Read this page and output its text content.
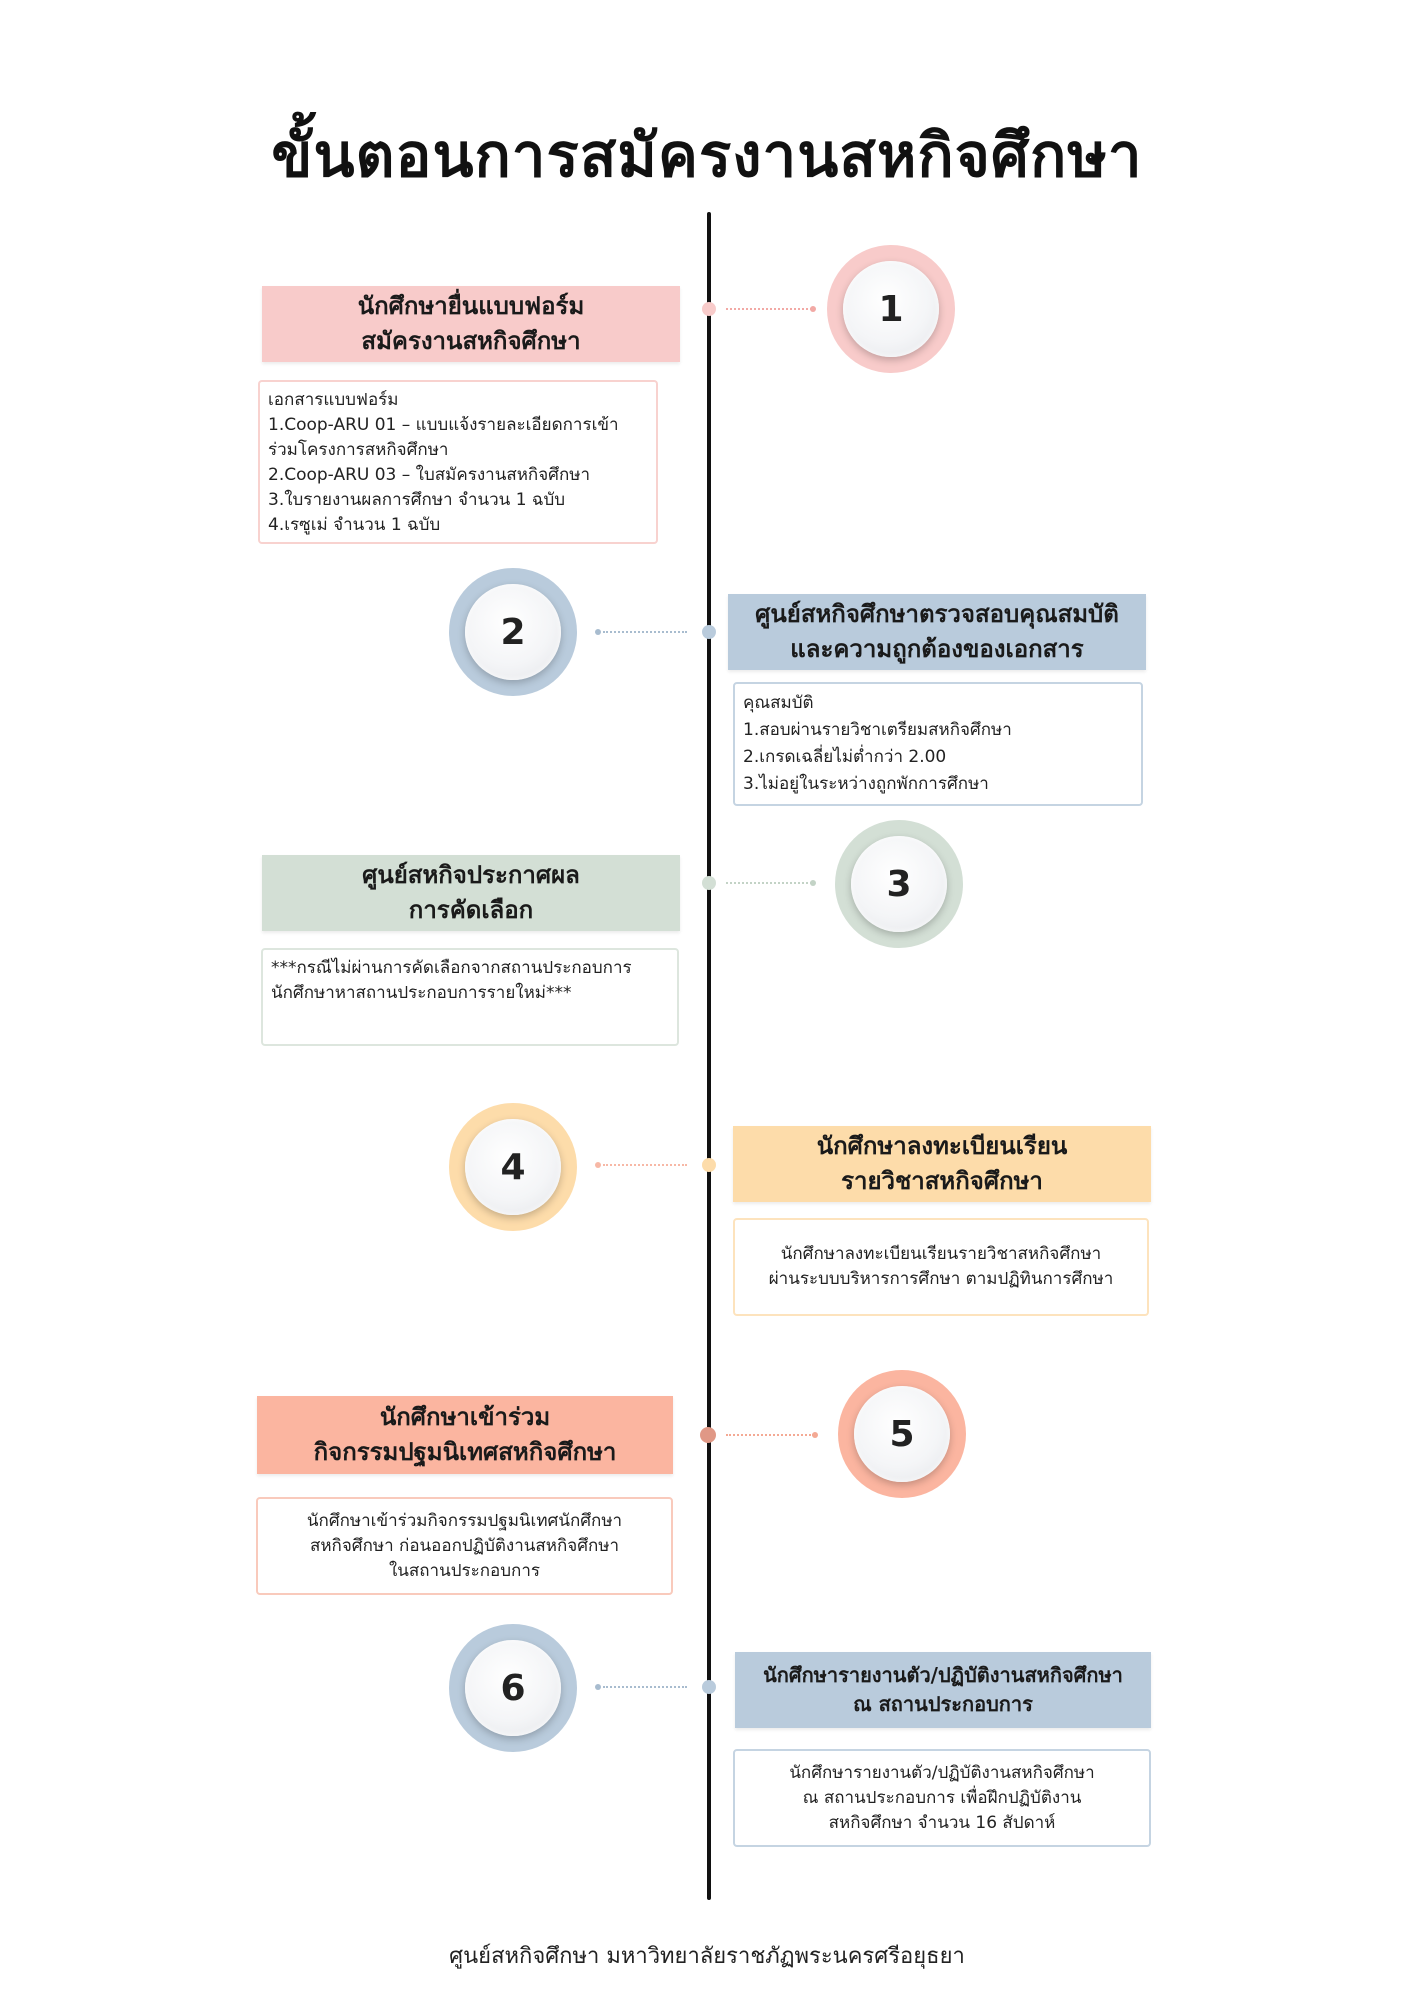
ขั้นตอนการสมัครงานสหกิจศึกษา
นักศึกษายื่นแบบฟอร์ม
สมัครงานสหกิจศึกษา
เอกสารแบบฟอร์ม
1.Coop-ARU 01 – แบบแจ้งรายละเอียดการเข้า
ร่วมโครงการสหกิจศึกษา
2.Coop-ARU 03 – ใบสมัครงานสหกิจศึกษา
3.ใบรายงานผลการศึกษา จำนวน 1 ฉบับ
4.เรซูเม่ จำนวน 1 ฉบับ
1
2	ศูนย์สหกิจศึกษาตรวจสอบคุณสมบัติ
และความถูกต้องของเอกสาร
คุณสมบัติ
1.สอบผ่านรายวิชาเตรียมสหกิจศึกษา
2.เกรดเฉลี่ยไม่ต่ำกว่า 2.00
3.ไม่อยู่ในระหว่างถูกพักการศึกษา
ศูนย์สหกิจประกาศผล
การคัดเลือก
***กรณีไม่ผ่านการคัดเลือกจากสถานประกอบการ
นักศึกษาหาสถานประกอบการรายใหม่***
3
4
นักศึกษาลงทะเบียนเรียน
รายวิชาสหกิจศึกษา
นักศึกษาลงทะเบียนเรียนรายวิชาสหกิจศึกษา
ผ่านระบบบริหารการศึกษา ตามปฏิทินการศึกษา
นักศึกษาเข้าร่วม
กิจกรรมปฐมนิเทศสหกิจศึกษา
นักศึกษาเข้าร่วมกิจกรรมปฐมนิเทศนักศึกษา
สหกิจศึกษา ก่อนออกปฏิบัติงานสหกิจศึกษา
ในสถานประกอบการ
5
6	นักศึกษารายงานตัว/ปฏิบัติงานสหกิจศึกษา
ณ สถานประกอบการ
นักศึกษารายงานตัว/ปฏิบัติงานสหกิจศึกษา
ณ สถานประกอบการ เพื่อฝึกปฏิบัติงาน
สหกิจศึกษา จำนวน 16 สัปดาห์
ศูนย์สหกิจศึกษา มหาวิทยาลัยราชภัฏพระนครศรีอยุธยา
